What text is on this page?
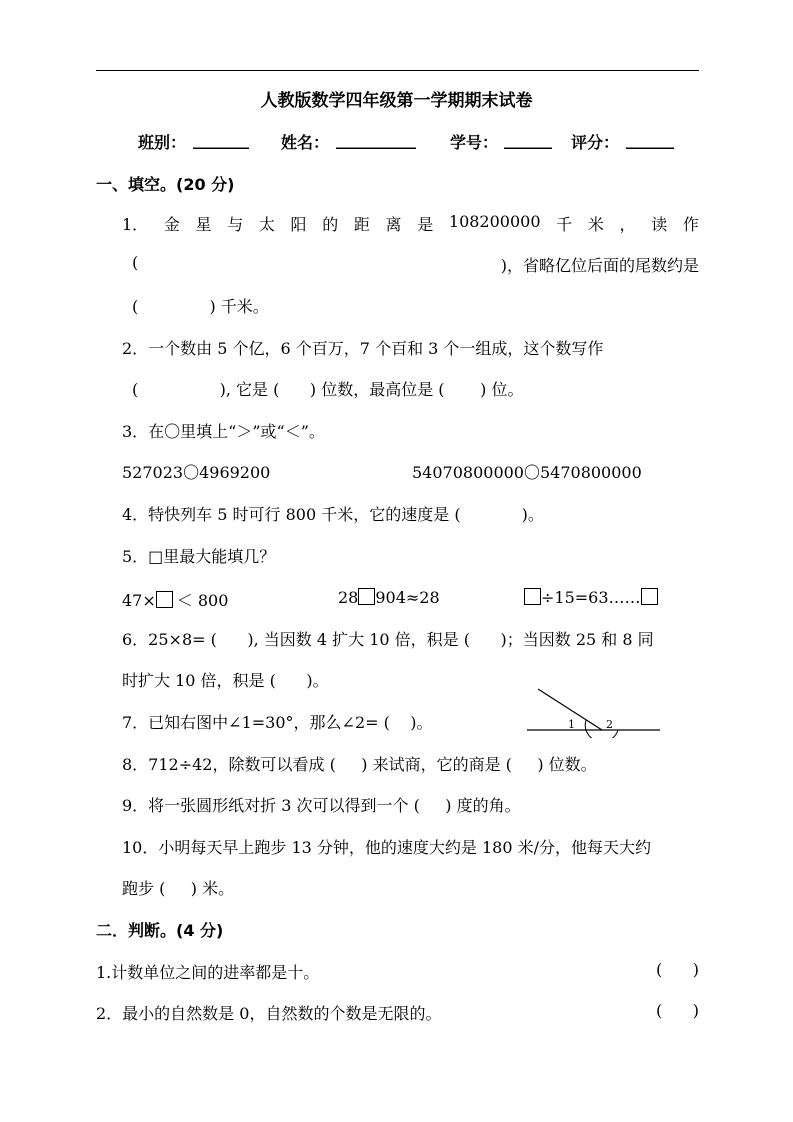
人教版数学四年级第一学期期末试卷
班别： _______ 姓名： __________ 学号： ______ 评分： ______
一、填空。(20 分)
1． 金 星 与 太 阳 的 距 离 是 108200000 千 米 ， 读 作
(	)，省略亿位后面的尾数约是
(              ) 千米。
2．一个数由 5 个亿，6 个百万，7 个百和 3 个一组成，这个数写作
(                ), 它是 (      ) 位数，最高位是 (       ) 位。
3．在〇里填上“＞”或“＜”。
527023〇4969200	54070800000〇5470800000
4．特快列车 5 时可行 800 千米，它的速度是 (            )。
5．□里最大能填几？
47× ＜ 800	28 904≈28	÷15=63……
6．25×8= (      ), 当因数 4 扩大 10 倍，积是 (      )；当因数 25 和 8 同
时扩大 10 倍，积是 (      )。
7．已知右图中∠1=30°，那么∠2= (    )。	1	2
8．712÷42，除数可以看成 (     ) 来试商，它的商是 (     ) 位数。
9．将一张圆形纸对折 3 次可以得到一个 (     ) 度的角。
10．小明每天早上跑步 13 分钟，他的速度大约是 180 米/分，他每天大约
跑步 (     ) 米。
二．判断。(4 分)
1.计数单位之间的进率都是十。	(      )
2．最小的自然数是 0，自然数的个数是无限的。	(      )
